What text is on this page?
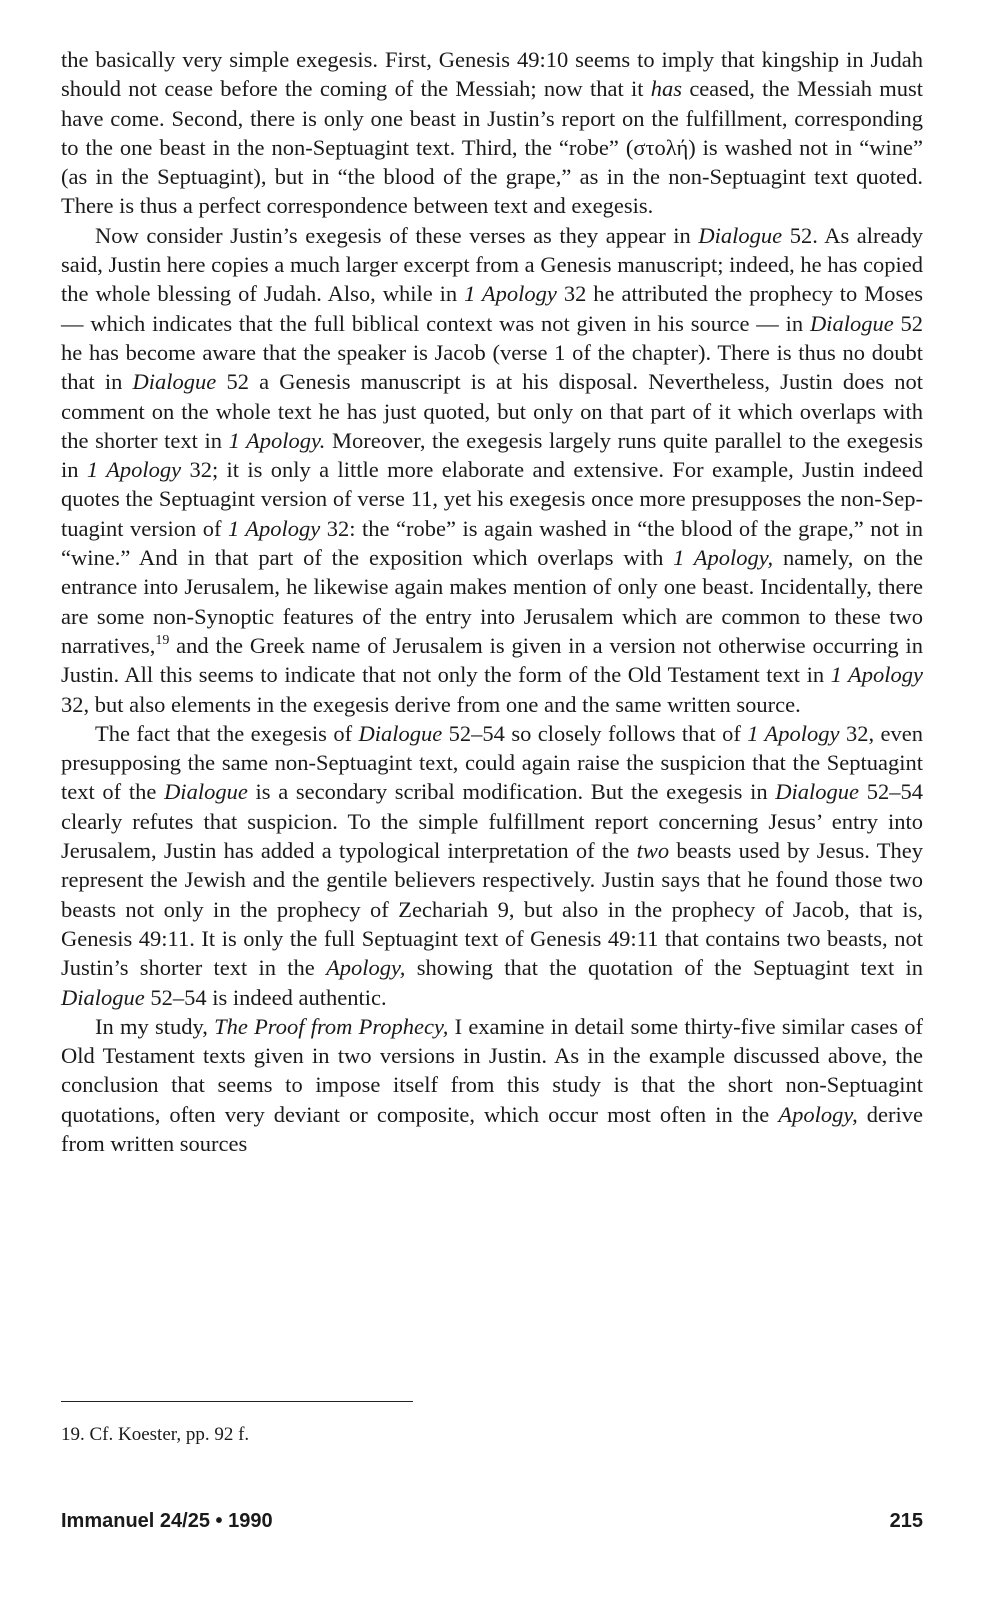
the basically very simple exegesis. First, Genesis 49:10 seems to imply that kingship in Judah should not cease before the coming of the Messiah; now that it has ceased, the Messiah must have come. Second, there is only one beast in Justin’s report on the fulfillment, corresponding to the one beast in the non-Septuagint text. Third, the “robe” (στολή) is washed not in “wine” (as in the Septuagint), but in “the blood of the grape,” as in the non-Septuagint text quoted. There is thus a perfect correspondence between text and exegesis.

Now consider Justin’s exegesis of these verses as they appear in Dialogue 52. As already said, Justin here copies a much larger excerpt from a Genesis manuscript; indeed, he has copied the whole blessing of Judah. Also, while in 1 Apology 32 he attributed the prophecy to Moses — which indicates that the full biblical context was not given in his source — in Dialogue 52 he has become aware that the speaker is Jacob (verse 1 of the chapter). There is thus no doubt that in Dialogue 52 a Genesis manuscript is at his disposal. Nevertheless, Justin does not comment on the whole text he has just quoted, but only on that part of it which overlaps with the shorter text in 1 Apology. Moreover, the exegesis largely runs quite parallel to the exegesis in 1 Apology 32; it is only a little more elaborate and extensive. For example, Justin indeed quotes the Septuagint version of verse 11, yet his exegesis once more presupposes the non-Septuagint version of 1 Apology 32: the “robe” is again washed in “the blood of the grape,” not in “wine.” And in that part of the exposition which overlaps with 1 Apology, namely, on the entrance into Jerusalem, he likewise again makes mention of only one beast. Incidentally, there are some non-Synoptic features of the entry into Jerusalem which are common to these two narratives,$^{19}$ and the Greek name of Jerusalem is given in a version not otherwise occurring in Justin. All this seems to indicate that not only the form of the Old Testament text in 1 Apology 32, but also elements in the exegesis derive from one and the same written source.

The fact that the exegesis of Dialogue 52–54 so closely follows that of 1 Apology 32, even presupposing the same non-Septuagint text, could again raise the suspicion that the Septuagint text of the Dialogue is a secondary scribal modification. But the exegesis in Dialogue 52–54 clearly refutes that suspicion. To the simple fulfillment report concerning Jesus’ entry into Jerusalem, Justin has added a typological interpretation of the two beasts used by Jesus. They represent the Jewish and the gentile believers respectively. Justin says that he found those two beasts not only in the prophecy of Zechariah 9, but also in the prophecy of Jacob, that is, Genesis 49:11. It is only the full Septuagint text of Genesis 49:11 that contains two beasts, not Justin’s shorter text in the Apology, showing that the quotation of the Septuagint text in Dialogue 52–54 is indeed authentic.

In my study, The Proof from Prophecy, I examine in detail some thirty-five similar cases of Old Testament texts given in two versions in Justin. As in the example discussed above, the conclusion that seems to impose itself from this study is that the short non-Septuagint quotations, often very deviant or composite, which occur most often in the Apology, derive from written sources

19. Cf. Koester, pp. 92 f.

Immanuel 24/25 • 1990	215
